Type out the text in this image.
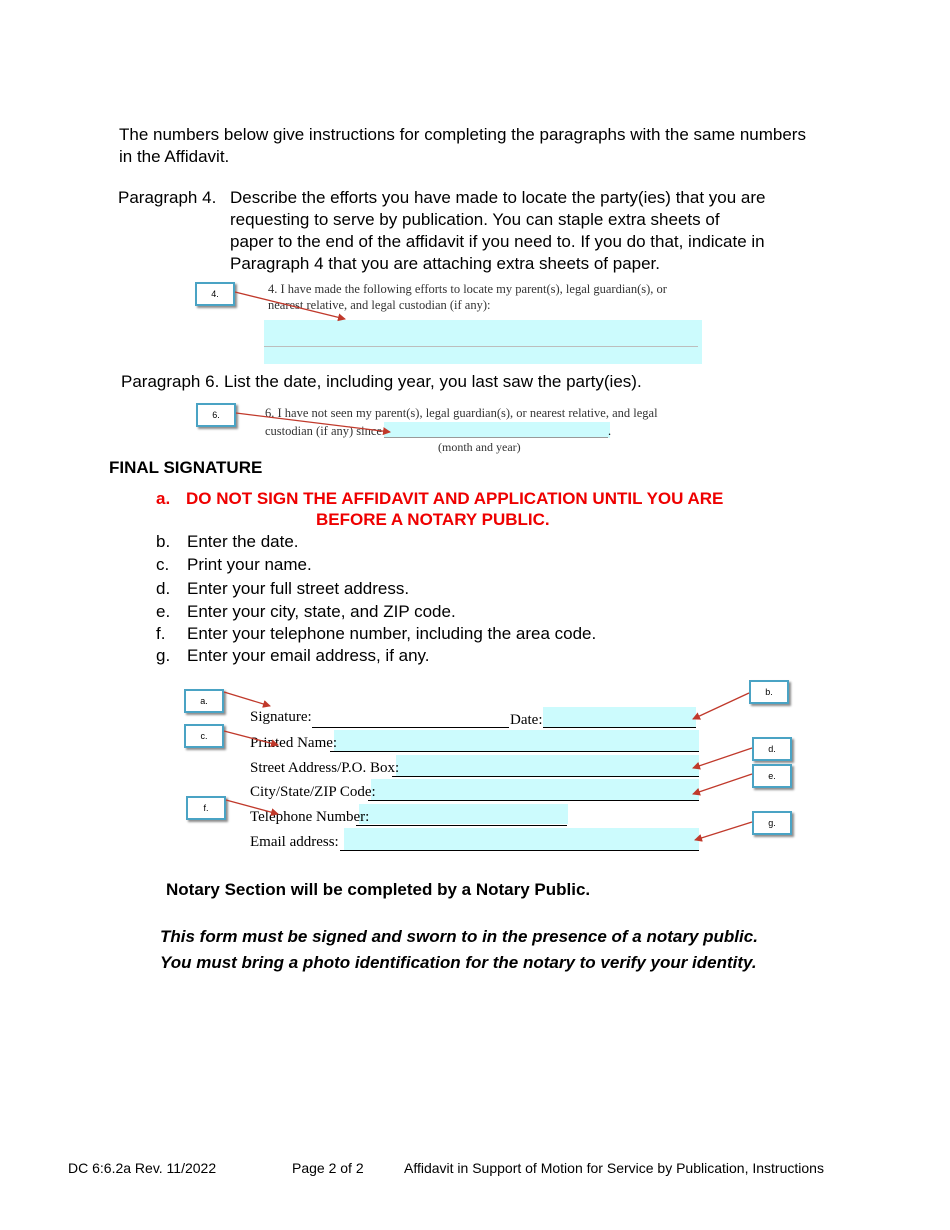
The numbers below give instructions for completing the paragraphs with the same numbers in the Affidavit.
Paragraph 4. Describe the efforts you have made to locate the party(ies) that you are
requesting to serve by publication. You can staple extra sheets of
paper to the end of the affidavit if you need to. If you do that, indicate in
Paragraph 4 that you are attaching extra sheets of paper.
4.	4. I have made the following efforts to locate my parent(s), legal guardian(s), or
nearest relative, and legal custodian (if any):
Paragraph 6. List the date, including year, you last saw the party(ies).
6.	6. I have not seen my parent(s), legal guardian(s), or nearest relative, and legal
custodian (if any) since	.
(month and year)
FINAL SIGNATURE
a. DO NOT SIGN THE AFFIDAVIT AND APPLICATION UNTIL YOU ARE
BEFORE A NOTARY PUBLIC.
b. Enter the date.
c. Print your name.
d. Enter your full street address.
e. Enter your city, state, and ZIP code.
f. Enter your telephone number, including the area code.
g. Enter your email address, if any.
Signature:	Date:
Printed Name:
Street Address/P.O. Box:
City/State/ZIP Code:
Telephone Number:
Email address:
a.
c.
f.
b.
d.
e.
g.
Notary Section will be completed by a Notary Public.
This form must be signed and sworn to in the presence of a notary public.
You must bring a photo identification for the notary to verify your identity.
DC 6:6.2a Rev. 11/2022	Page 2 of 2	Affidavit in Support of Motion for Service by Publication, Instructions
